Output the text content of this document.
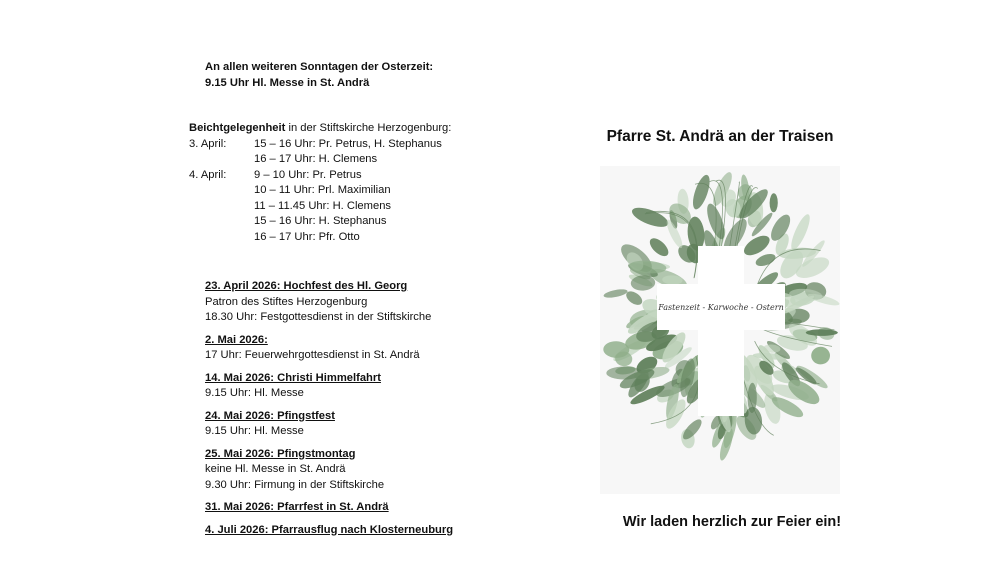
An allen weiteren Sonntagen der Osterzeit:
9.15 Uhr Hl. Messe in St. Andrä
Beichtgelegenheit in der Stiftskirche Herzogenburg:
3. April:	15 – 16 Uhr: Pr. Petrus, H. Stephanus
16 – 17 Uhr: H. Clemens
4. April:	9 – 10 Uhr: Pr. Petrus
10 – 11 Uhr: Prl. Maximilian
11 – 11.45 Uhr: H. Clemens
15 – 16 Uhr: H. Stephanus
16 – 17 Uhr: Pfr. Otto
23. April 2026: Hochfest des Hl. Georg
Patron des Stiftes Herzogenburg
18.30 Uhr: Festgottesdienst in der Stiftskirche
2. Mai 2026:
17 Uhr: Feuerwehrgottesdienst in St. Andrä
14. Mai 2026: Christi Himmelfahrt
9.15 Uhr: Hl. Messe
24. Mai 2026: Pfingstfest
9.15 Uhr: Hl. Messe
25. Mai 2026: Pfingstmontag
keine Hl. Messe in St. Andrä
9.30 Uhr: Firmung in der Stiftskirche
31. Mai 2026: Pfarrfest in St. Andrä
4. Juli 2026: Pfarrausflug nach Klosterneuburg
Pfarre St. Andrä an der Traisen
Fastenzeit - Karwoche - Ostern
Wir laden herzlich zur Feier ein!
